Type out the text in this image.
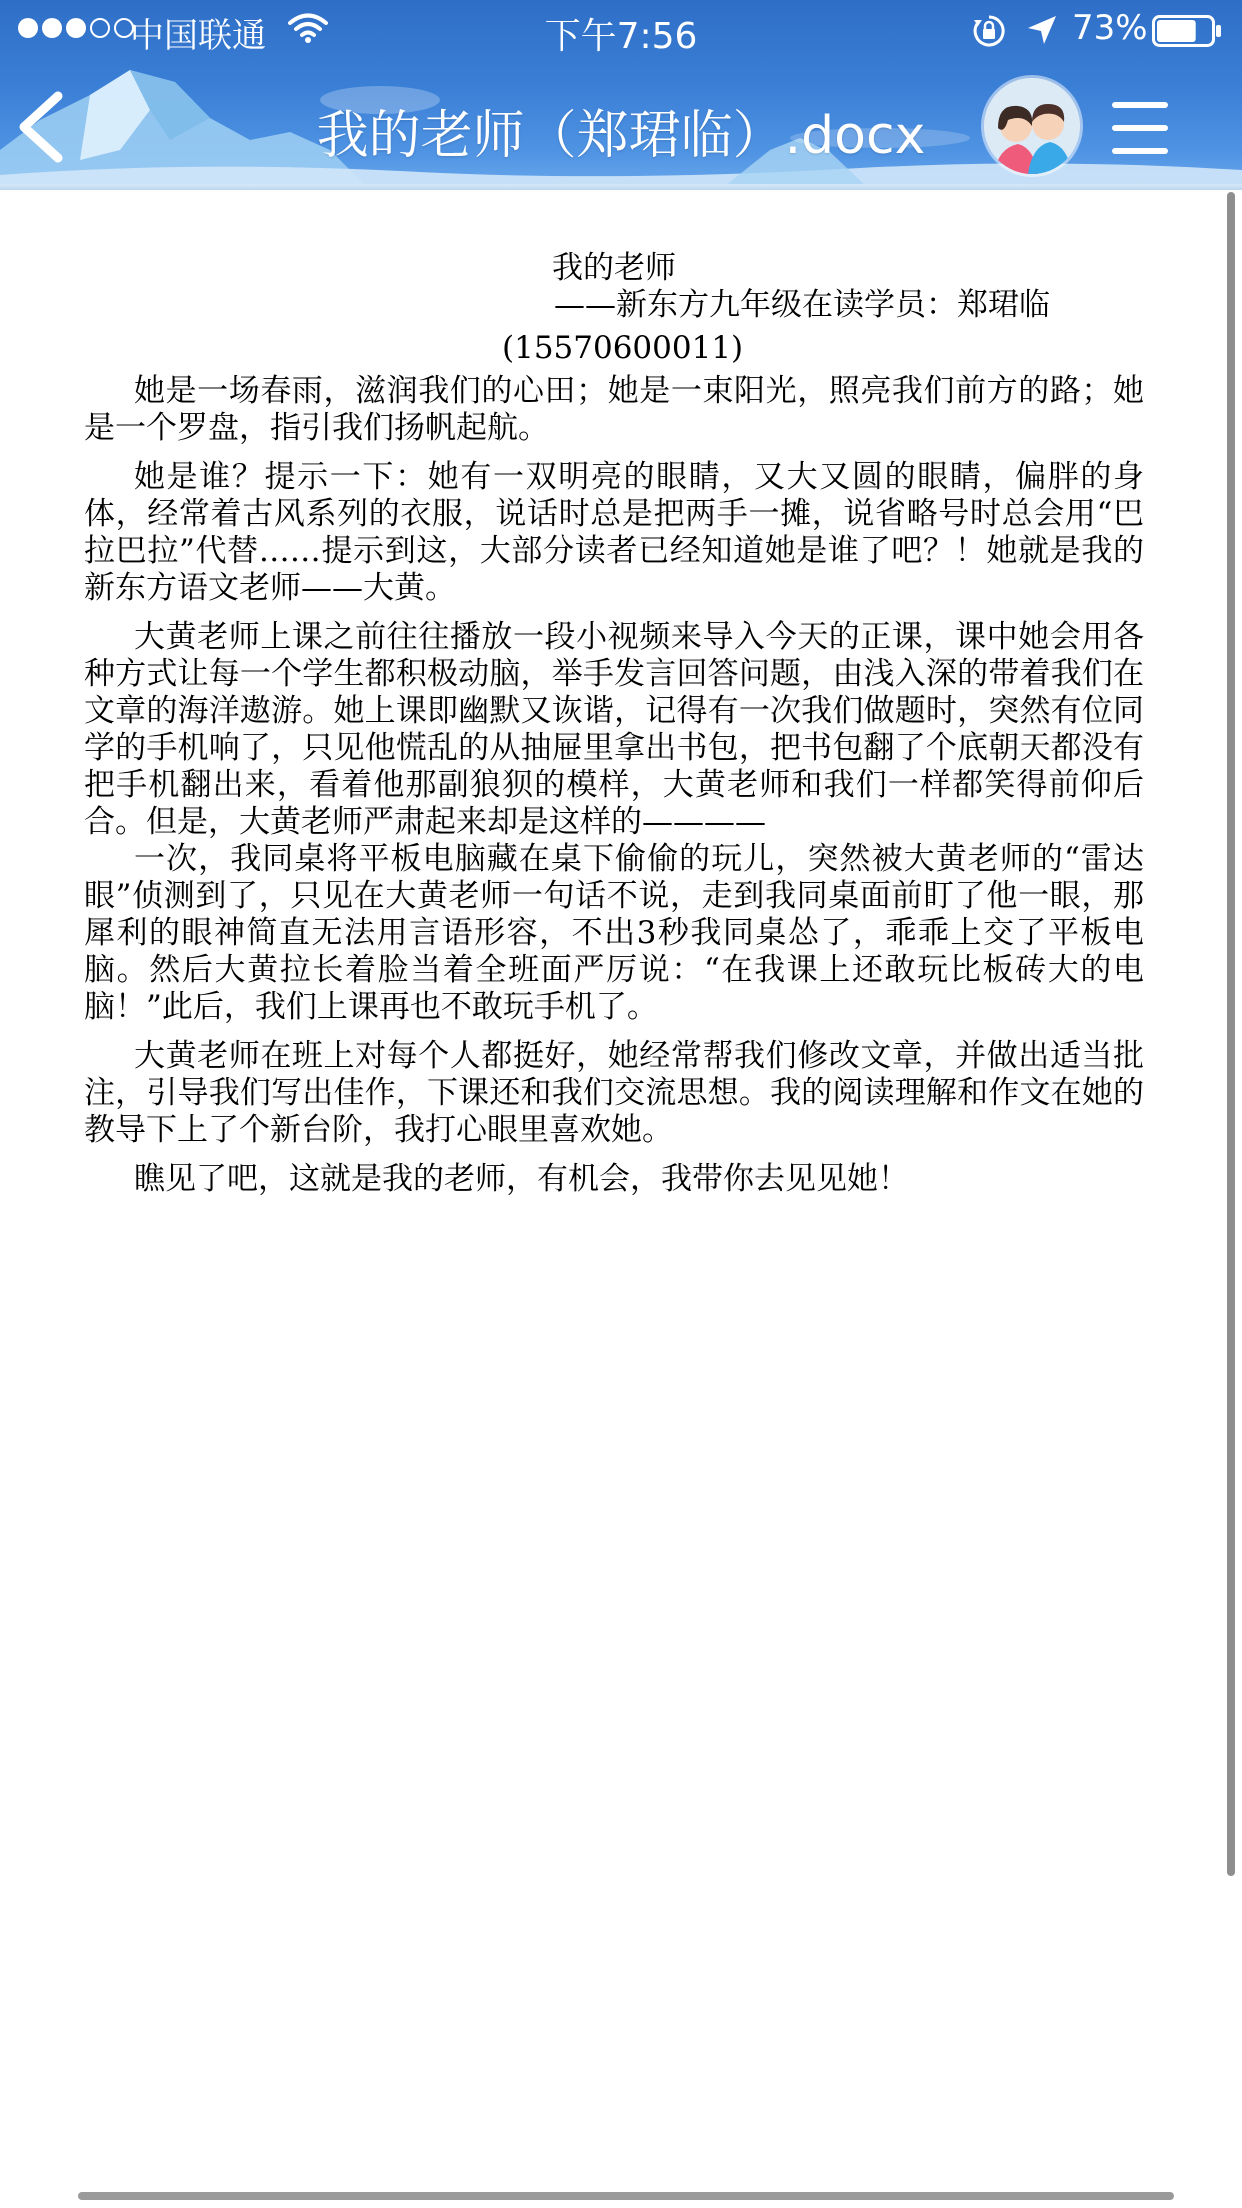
中国联通	下午7:56	73%
我的老师（郑珺临）.docx

我的老师

——新东方九年级在读学员：郑珺临

(15570600011)

她是一场春雨，滋润我们的心田；她是一束阳光，照亮我们前方的路；她是一个罗盘，指引我们扬帆起航。

她是谁？提示一下：她有一双明亮的眼睛，又大又圆的眼睛，偏胖的身体，经常着古风系列的衣服，说话时总是把两手一摊，说省略号时总会用“巴拉巴拉”代替……提示到这，大部分读者已经知道她是谁了吧？！她就是我的新东方语文老师——大黄。

大黄老师上课之前往往播放一段小视频来导入今天的正课，课中她会用各种方式让每一个学生都积极动脑，举手发言回答问题，由浅入深的带着我们在文章的海洋遨游。她上课即幽默又诙谐，记得有一次我们做题时，突然有位同学的手机响了，只见他慌乱的从抽屉里拿出书包，把书包翻了个底朝天都没有把手机翻出来，看着他那副狼狈的模样，大黄老师和我们一样都笑得前仰后合。但是，大黄老师严肃起来却是这样的————

一次，我同桌将平板电脑藏在桌下偷偷的玩儿，突然被大黄老师的“雷达眼”侦测到了，只见在大黄老师一句话不说，走到我同桌面前盯了他一眼，那犀利的眼神简直无法用言语形容，不出3秒我同桌怂了，乖乖上交了平板电脑。然后大黄拉长着脸当着全班面严厉说：“在我课上还敢玩比板砖大的电脑！”此后，我们上课再也不敢玩手机了。

大黄老师在班上对每个人都挺好，她经常帮我们修改文章，并做出适当批注，引导我们写出佳作，下课还和我们交流思想。我的阅读理解和作文在她的教导下上了个新台阶，我打心眼里喜欢她。

瞧见了吧，这就是我的老师，有机会，我带你去见见她！
